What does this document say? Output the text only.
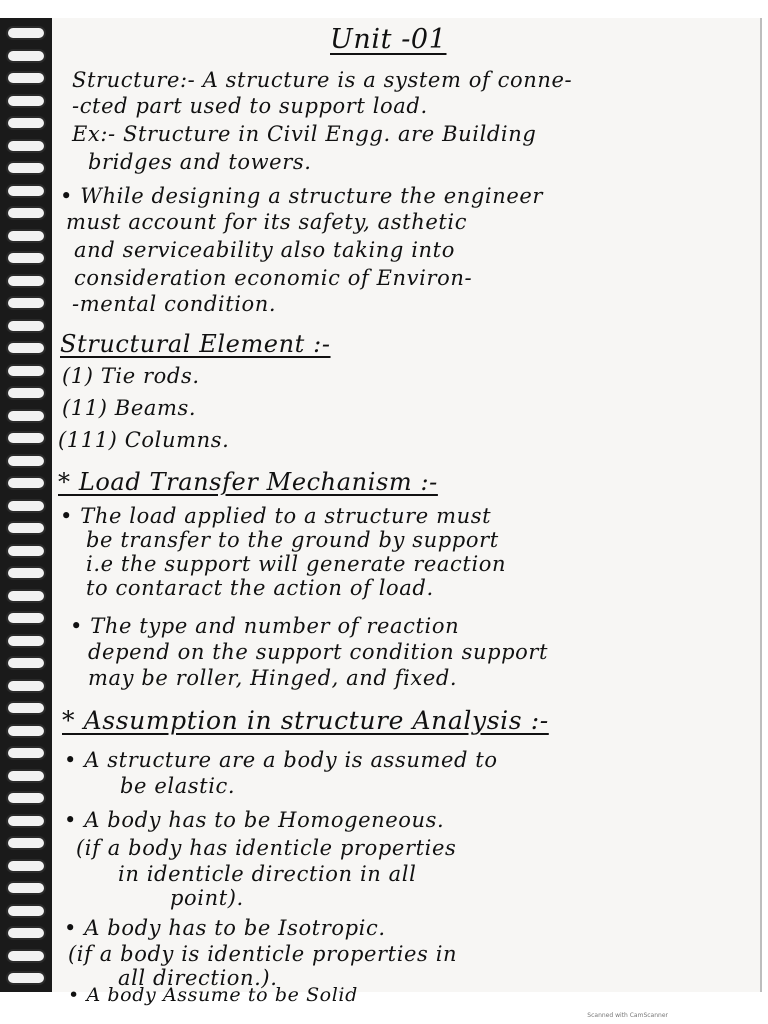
Unit -01
Structure:- A structure is a system of conne-
-cted part used to support load.
Ex:- Structure in Civil Engg. are Building
bridges and towers.
• While designing a structure the engineer
must account for its safety, asthetic
and serviceability also taking into
consideration economic of Environ-
-mental condition.
Structural Element :-
(1) Tie rods.
(11) Beams.
(111) Columns.
* Load Transfer Mechanism :-
• The load applied to a structure must
be transfer to the ground by support
i.e the support will generate reaction
to contaract the action of load.
• The type and number of reaction
depend on the support condition support
may be roller, Hinged, and fixed.
* Assumption in structure Analysis :-
• A structure are a body is assumed to
be elastic.
• A body has to be Homogeneous.
(if a body has identicle properties
in identicle direction in all
point).
• A body has to be Isotropic.
(if a body is identicle properties in
all direction.).
• A body Assume to be Solid
Scanned with CamScanner
